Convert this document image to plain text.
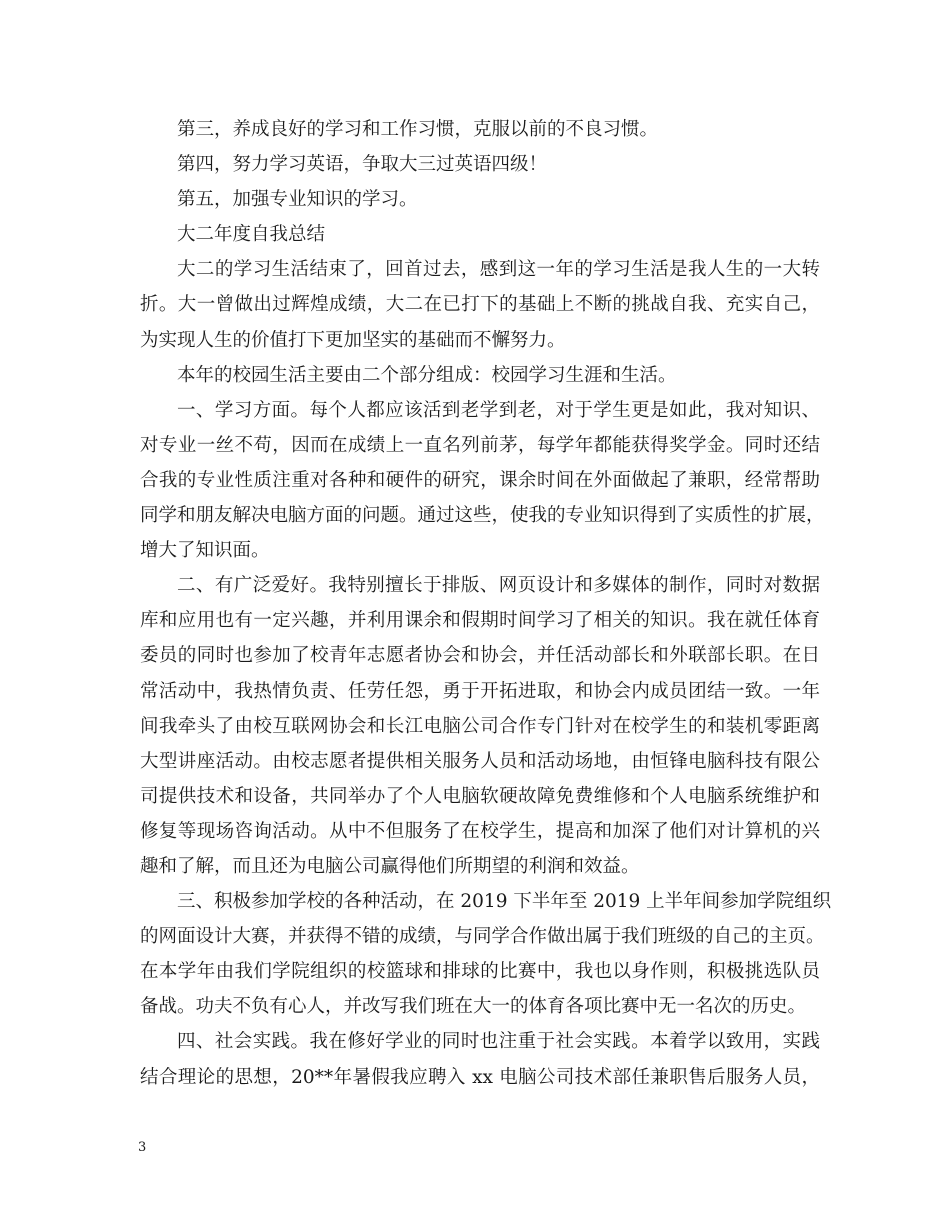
第三，养成良好的学习和工作习惯，克服以前的不良习惯。
第四，努力学习英语，争取大三过英语四级！
第五，加强专业知识的学习。
大二年度自我总结
大二的学习生活结束了，回首过去，感到这一年的学习生活是我人生的一大转
折。大一曾做出过辉煌成绩，大二在已打下的基础上不断的挑战自我、充实自己，
为实现人生的价值打下更加坚实的基础而不懈努力。
本年的校园生活主要由二个部分组成：校园学习生涯和生活。
一、学习方面。每个人都应该活到老学到老，对于学生更是如此，我对知识、
对专业一丝不苟，因而在成绩上一直名列前茅，每学年都能获得奖学金。同时还结
合我的专业性质注重对各种和硬件的研究，课余时间在外面做起了兼职，经常帮助
同学和朋友解决电脑方面的问题。通过这些，使我的专业知识得到了实质性的扩展，
增大了知识面。
二、有广泛爱好。我特别擅长于排版、网页设计和多媒体的制作，同时对数据
库和应用也有一定兴趣，并利用课余和假期时间学习了相关的知识。我在就任体育
委员的同时也参加了校青年志愿者协会和协会，并任活动部长和外联部长职。在日
常活动中，我热情负责、任劳任怨，勇于开拓进取，和协会内成员团结一致。一年
间我牵头了由校互联网协会和长江电脑公司合作专门针对在校学生的和装机零距离
大型讲座活动。由校志愿者提供相关服务人员和活动场地，由恒锋电脑科技有限公
司提供技术和设备，共同举办了个人电脑软硬故障免费维修和个人电脑系统维护和
修复等现场咨询活动。从中不但服务了在校学生，提高和加深了他们对计算机的兴
趣和了解，而且还为电脑公司赢得他们所期望的利润和效益。
三、积极参加学校的各种活动，在 2019 下半年至 2019 上半年间参加学院组织
的网面设计大赛，并获得不错的成绩，与同学合作做出属于我们班级的自己的主页。
在本学年由我们学院组织的校篮球和排球的比赛中，我也以身作则，积极挑选队员
备战。功夫不负有心人，并改写我们班在大一的体育各项比赛中无一名次的历史。
四、社会实践。我在修好学业的同时也注重于社会实践。本着学以致用，实践
结合理论的思想，20**年暑假我应聘入 xx 电脑公司技术部任兼职售后服务人员，
3
